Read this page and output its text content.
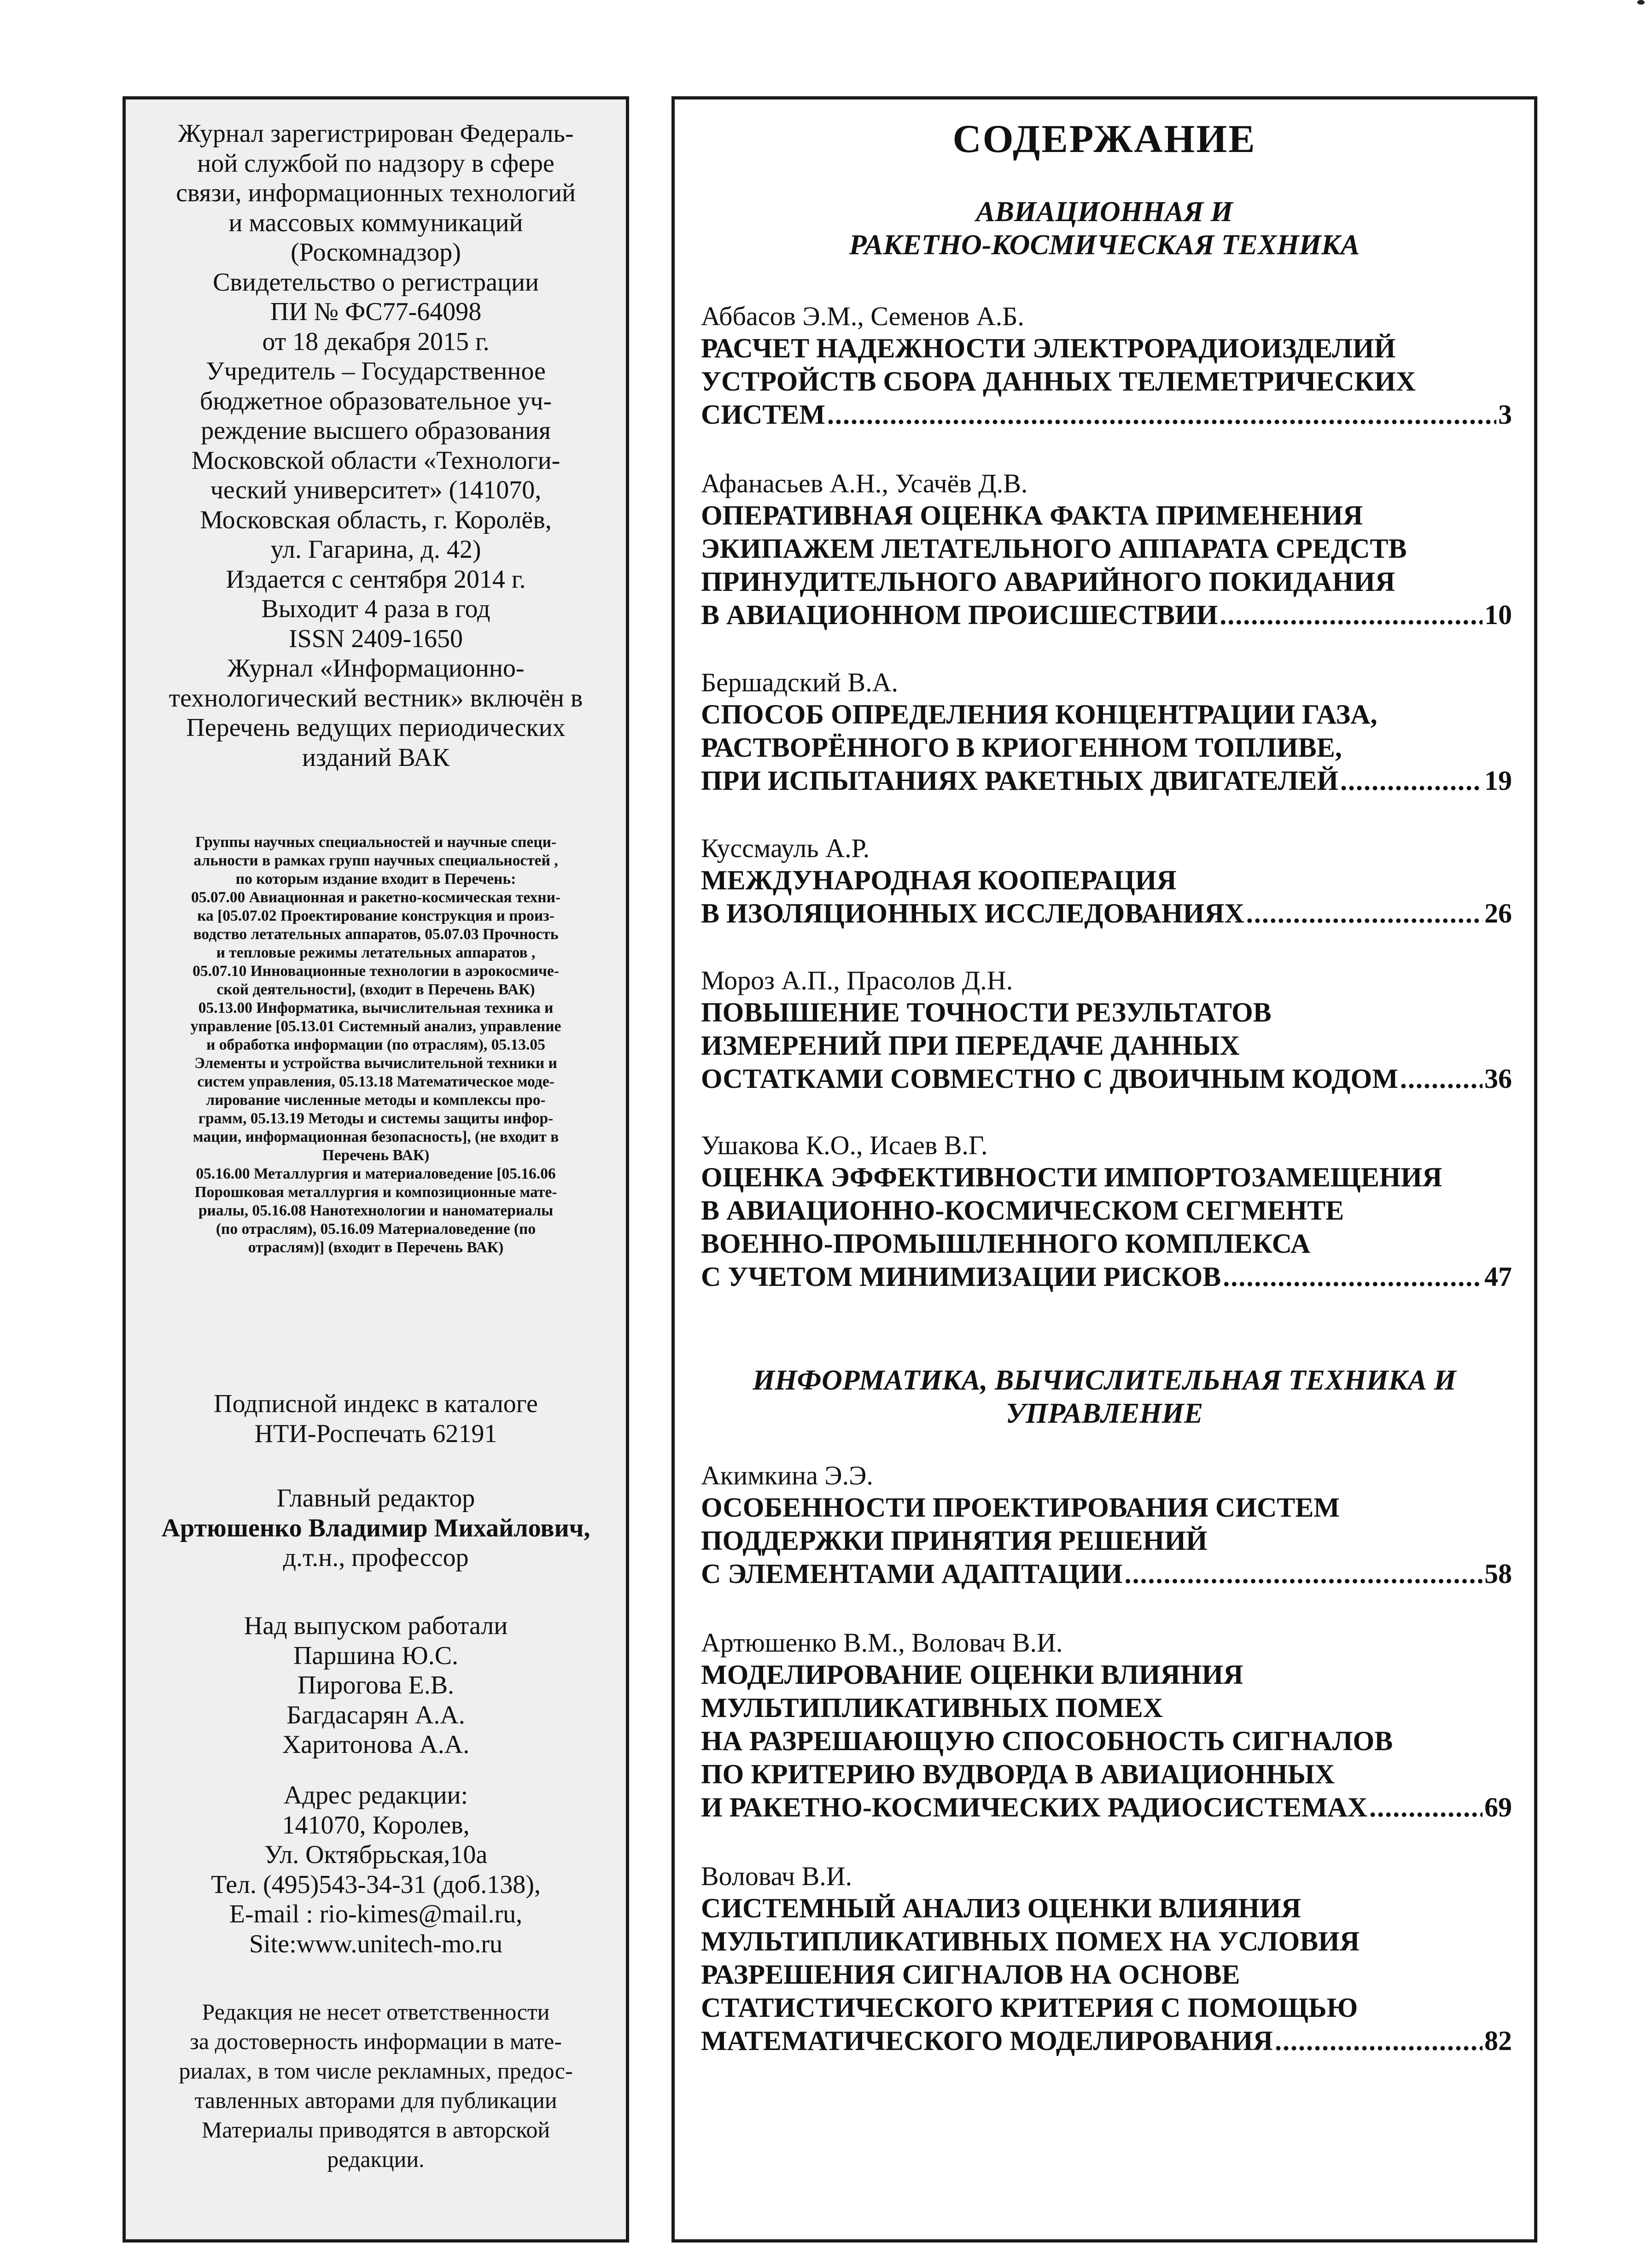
Журнал зарегистрирован Федераль-
ной службой по надзору в сфере
связи, информационных технологий
и массовых коммуникаций
(Роскомнадзор)
Свидетельство о регистрации
ПИ № ФС77-64098
от 18 декабря 2015 г.
Учредитель – Государственное
бюджетное образовательное уч-
реждение высшего образования
Московской области «Технологи-
ческий университет» (141070,
Московская область, г. Королёв,
ул. Гагарина, д. 42)
Издается с сентября 2014 г.
Выходит 4 раза в год
ISSN 2409-1650
Журнал «Информационно-
технологический вестник» включён в
Перечень ведущих периодических
изданий ВАК
Группы научных специальностей и научные специ-
альности в рамках групп научных специальностей ,
по которым издание входит в Перечень:
05.07.00 Авиационная и ракетно-космическая техни-
ка [05.07.02 Проектирование конструкция и произ-
водство летательных аппаратов, 05.07.03 Прочность
и тепловые режимы летательных аппаратов ,
05.07.10 Инновационные технологии в аэрокосмиче-
ской деятельности], (входит в Перечень ВАК)
05.13.00 Информатика, вычислительная техника и
управление [05.13.01 Системный анализ, управление
и обработка информации (по отраслям), 05.13.05
Элементы и устройства вычислительной техники и
систем управления, 05.13.18 Математическое моде-
лирование численные методы и комплексы про-
грамм, 05.13.19 Методы и системы защиты инфор-
мации, информационная безопасность], (не входит в
Перечень ВАК)
05.16.00 Металлургия и материаловедение [05.16.06
Порошковая металлургия и композиционные мате-
риалы, 05.16.08 Нанотехнологии и наноматериалы
(по отраслям), 05.16.09 Материаловедение (по
отраслям)] (входит в Перечень ВАК)
Подписной индекс в каталоге
НТИ-Роспечать 62191
Главный редактор
Артюшенко Владимир Михайлович,
д.т.н., профессор
Над выпуском работали
Паршина Ю.С.
Пирогова Е.В.
Багдасарян А.А.
Харитонова А.А.
Адрес редакции:
141070, Королев,
Ул. Октябрьская,10а
Тел. (495)543-34-31 (доб.138),
E-mail : rio-kimes@mail.ru,
Site:www.unitech-mo.ru
Редакция не несет ответственности
за достоверность информации в мате-
риалах, в том числе рекламных, предос-
тавленных авторами для публикации
Материалы приводятся в авторской
редакции.
СОДЕРЖАНИЕ
АВИАЦИОННАЯ И
РАКЕТНО-КОСМИЧЕСКАЯ ТЕХНИКА
Аббасов Э.М., Семенов А.Б.
РАСЧЕТ НАДЕЖНОСТИ ЭЛЕКТРОРАДИОИЗДЕЛИЙ
УСТРОЙСТВ СБОРА ДАННЫХ ТЕЛЕМЕТРИЧЕСКИХ
СИСТЕМ .....	3
Афанасьев А.Н., Усачёв Д.В.
ОПЕРАТИВНАЯ ОЦЕНКА ФАКТА ПРИМЕНЕНИЯ
ЭКИПАЖЕМ ЛЕТАТЕЛЬНОГО АППАРАТА СРЕДСТВ
ПРИНУДИТЕЛЬНОГО АВАРИЙНОГО ПОКИДАНИЯ
В АВИАЦИОННОМ ПРОИСШЕСТВИИ .....	10
Бершадский В.А.
СПОСОБ ОПРЕДЕЛЕНИЯ КОНЦЕНТРАЦИИ ГАЗА,
РАСТВОРЁННОГО В КРИОГЕННОМ ТОПЛИВЕ,
ПРИ ИСПЫТАНИЯХ РАКЕТНЫХ ДВИГАТЕЛЕЙ .....	19
Куссмауль А.Р.
МЕЖДУНАРОДНАЯ КООПЕРАЦИЯ
В ИЗОЛЯЦИОННЫХ ИССЛЕДОВАНИЯХ .....	26
Мороз А.П., Прасолов Д.Н.
ПОВЫШЕНИЕ ТОЧНОСТИ РЕЗУЛЬТАТОВ
ИЗМЕРЕНИЙ ПРИ ПЕРЕДАЧЕ ДАННЫХ
ОСТАТКАМИ СОВМЕСТНО С ДВОИЧНЫМ КОДОМ .....	36
Ушакова К.О., Исаев В.Г.
ОЦЕНКА ЭФФЕКТИВНОСТИ ИМПОРТОЗАМЕЩЕНИЯ
В АВИАЦИОННО-КОСМИЧЕСКОМ СЕГМЕНТЕ
ВОЕННО-ПРОМЫШЛЕННОГО КОМПЛЕКСА
С УЧЕТОМ МИНИМИЗАЦИИ РИСКОВ .....	47
ИНФОРМАТИКА, ВЫЧИСЛИТЕЛЬНАЯ ТЕХНИКА И
УПРАВЛЕНИЕ
Акимкина Э.Э.
ОСОБЕННОСТИ ПРОЕКТИРОВАНИЯ СИСТЕМ
ПОДДЕРЖКИ ПРИНЯТИЯ РЕШЕНИЙ
С ЭЛЕМЕНТАМИ АДАПТАЦИИ .....	58
Артюшенко В.М., Воловач В.И.
МОДЕЛИРОВАНИЕ ОЦЕНКИ ВЛИЯНИЯ
МУЛЬТИПЛИКАТИВНЫХ ПОМЕХ
НА РАЗРЕШАЮЩУЮ СПОСОБНОСТЬ СИГНАЛОВ
ПО КРИТЕРИЮ ВУДВОРДА В АВИАЦИОННЫХ
И РАКЕТНО-КОСМИЧЕСКИХ РАДИОСИСТЕМАХ .....	69
Воловач В.И.
СИСТЕМНЫЙ АНАЛИЗ ОЦЕНКИ ВЛИЯНИЯ
МУЛЬТИПЛИКАТИВНЫХ ПОМЕХ НА УСЛОВИЯ
РАЗРЕШЕНИЯ СИГНАЛОВ НА ОСНОВЕ
СТАТИСТИЧЕСКОГО КРИТЕРИЯ С ПОМОЩЬЮ
МАТЕМАТИЧЕСКОГО МОДЕЛИРОВАНИЯ .....	82
